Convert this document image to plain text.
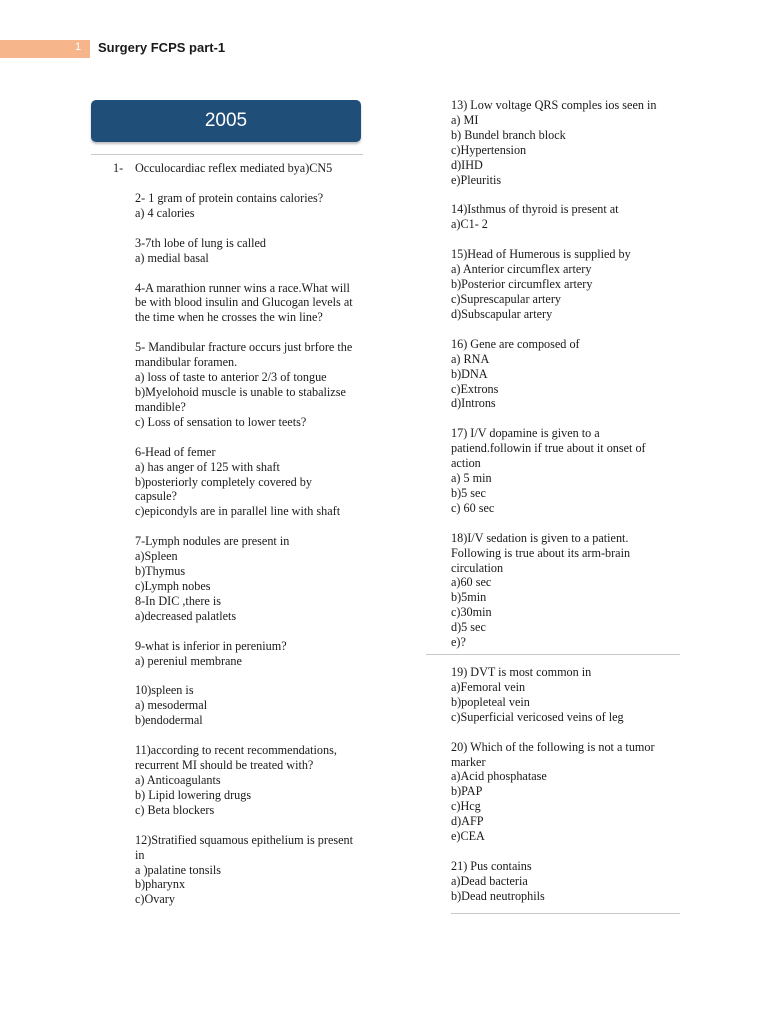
1 Surgery FCPS part-1
2005
1- Occulocardiac reflex mediated bya)CN5
2- 1 gram of protein contains calories?
a) 4 calories
3-7th lobe of lung is called
a) medial basal
4-A marathion runner wins a race.What will
be with blood insulin and Glucogan levels at
the time when he crosses the win line?
5- Mandibular fracture occurs just brfore the
mandibular foramen.
a) loss of taste to anterior 2/3 of tongue
b)Myelohoid muscle is unable to stabalizse
mandible?
c) Loss of sensation to lower teets?
6-Head of femer
a) has anger of 125 with shaft
b)posteriorly completely covered by
capsule?
c)epicondyls are in parallel line with shaft
7-Lymph nodules are present in
a)Spleen
b)Thymus
c)Lymph nobes
8-In DIC ,there is
a)decreased palatlets
9-what is inferior in perenium?
a) pereniul membrane
10)spleen is
a) mesodermal
b)endodermal
11)according to recent recommendations,
recurrent MI should be treated with?
a) Anticoagulants
b) Lipid lowering drugs
c) Beta blockers
12)Stratified squamous epithelium is present
in
a )palatine tonsils
b)pharynx
c)Ovary
13) Low voltage QRS comples ios seen in
a) MI
b) Bundel branch block
c)Hypertension
d)IHD
e)Pleuritis
14)Isthmus of thyroid is present at
a)C1- 2
15)Head of Humerous is supplied by
a) Anterior circumflex artery
b)Posterior circumflex artery
c)Suprescapular artery
d)Subscapular artery
16) Gene are composed of
a) RNA
b)DNA
c)Extrons
d)Introns
17) I/V dopamine is given to a
patiend.followin if true about it onset of
action
a) 5 min
b)5 sec
c) 60 sec
18)I/V sedation is given to a patient.
Following is true about its arm-brain
circulation
a)60 sec
b)5min
c)30min
d)5 sec
e)?
19) DVT is most common in
a)Femoral vein
b)popleteal vein
c)Superficial vericosed veins of leg
20) Which of the following is not a tumor
marker
a)Acid phosphatase
b)PAP
c)Hcg
d)AFP
e)CEA
21) Pus contains
a)Dead bacteria
b)Dead neutrophils
